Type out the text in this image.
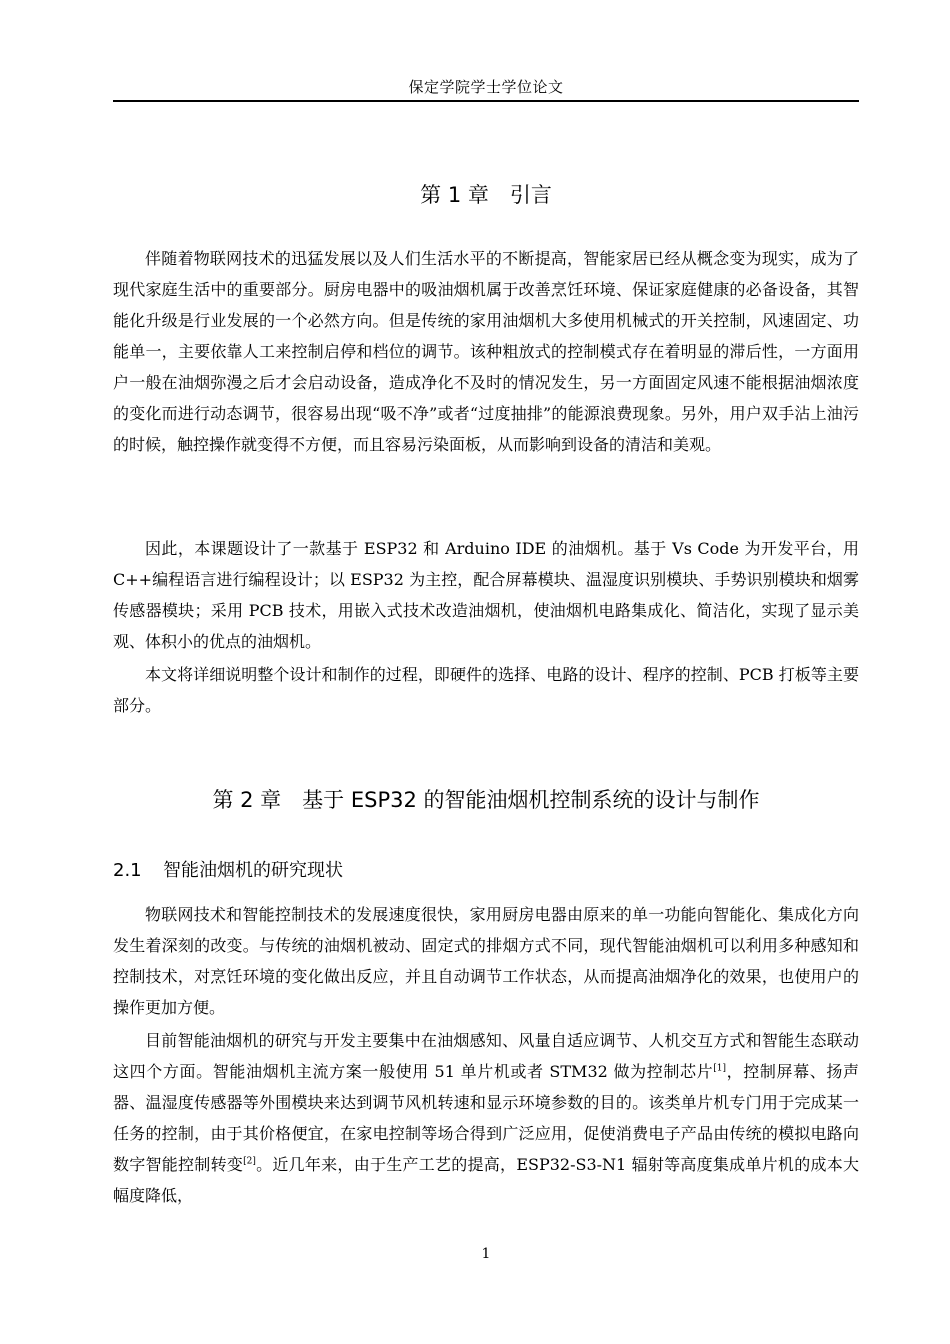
保定学院学士学位论文
第 1 章　引言

伴随着物联网技术的迅猛发展以及人们生活水平的不断提高，智能家居已经从概念变为现实，成为了现代家庭生活中的重要部分。厨房电器中的吸油烟机属于改善烹饪环境、保证家庭健康的必备设备，其智能化升级是行业发展的一个必然方向。但是传统的家用油烟机大多使用机械式的开关控制，风速固定、功能单一，主要依靠人工来控制启停和档位的调节。该种粗放式的控制模式存在着明显的滞后性，一方面用户一般在油烟弥漫之后才会启动设备，造成净化不及时的情况发生，另一方面固定风速不能根据油烟浓度的变化而进行动态调节，很容易出现“吸不净”或者“过度抽排”的能源浪费现象。另外，用户双手沾上油污的时候，触控操作就变得不方便，而且容易污染面板，从而影响到设备的清洁和美观。

因此，本课题设计了一款基于 ESP32 和 Arduino IDE 的油烟机。基于 Vs Code 为开发平台，用 C++编程语言进行编程设计；以 ESP32 为主控，配合屏幕模块、温湿度识别模块、手势识别模块和烟雾传感器模块；采用 PCB 技术，用嵌入式技术改造油烟机，使油烟机电路集成化、简洁化，实现了显示美观、体积小的优点的油烟机。

本文将详细说明整个设计和制作的过程，即硬件的选择、电路的设计、程序的控制、PCB 打板等主要部分。

第 2 章　基于 ESP32 的智能油烟机控制系统的设计与制作
2.1 智能油烟机的研究现状

物联网技术和智能控制技术的发展速度很快，家用厨房电器由原来的单一功能向智能化、集成化方向发生着深刻的改变。与传统的油烟机被动、固定式的排烟方式不同，现代智能油烟机可以利用多种感知和控制技术，对烹饪环境的变化做出反应，并且自动调节工作状态，从而提高油烟净化的效果，也使用户的操作更加方便。

目前智能油烟机的研究与开发主要集中在油烟感知、风量自适应调节、人机交互方式和智能生态联动这四个方面。智能油烟机主流方案一般使用 51 单片机或者 STM32 做为控制芯片[1]，控制屏幕、扬声器、温湿度传感器等外围模块来达到调节风机转速和显示环境参数的目的。该类单片机专门用于完成某一任务的控制，由于其价格便宜，在家电控制等场合得到广泛应用，促使消费电子产品由传统的模拟电路向数字智能控制转变[2]。近几年来，由于生产工艺的提高，ESP32-S3-N1 辐射等高度集成单片机的成本大幅度降低，

1
